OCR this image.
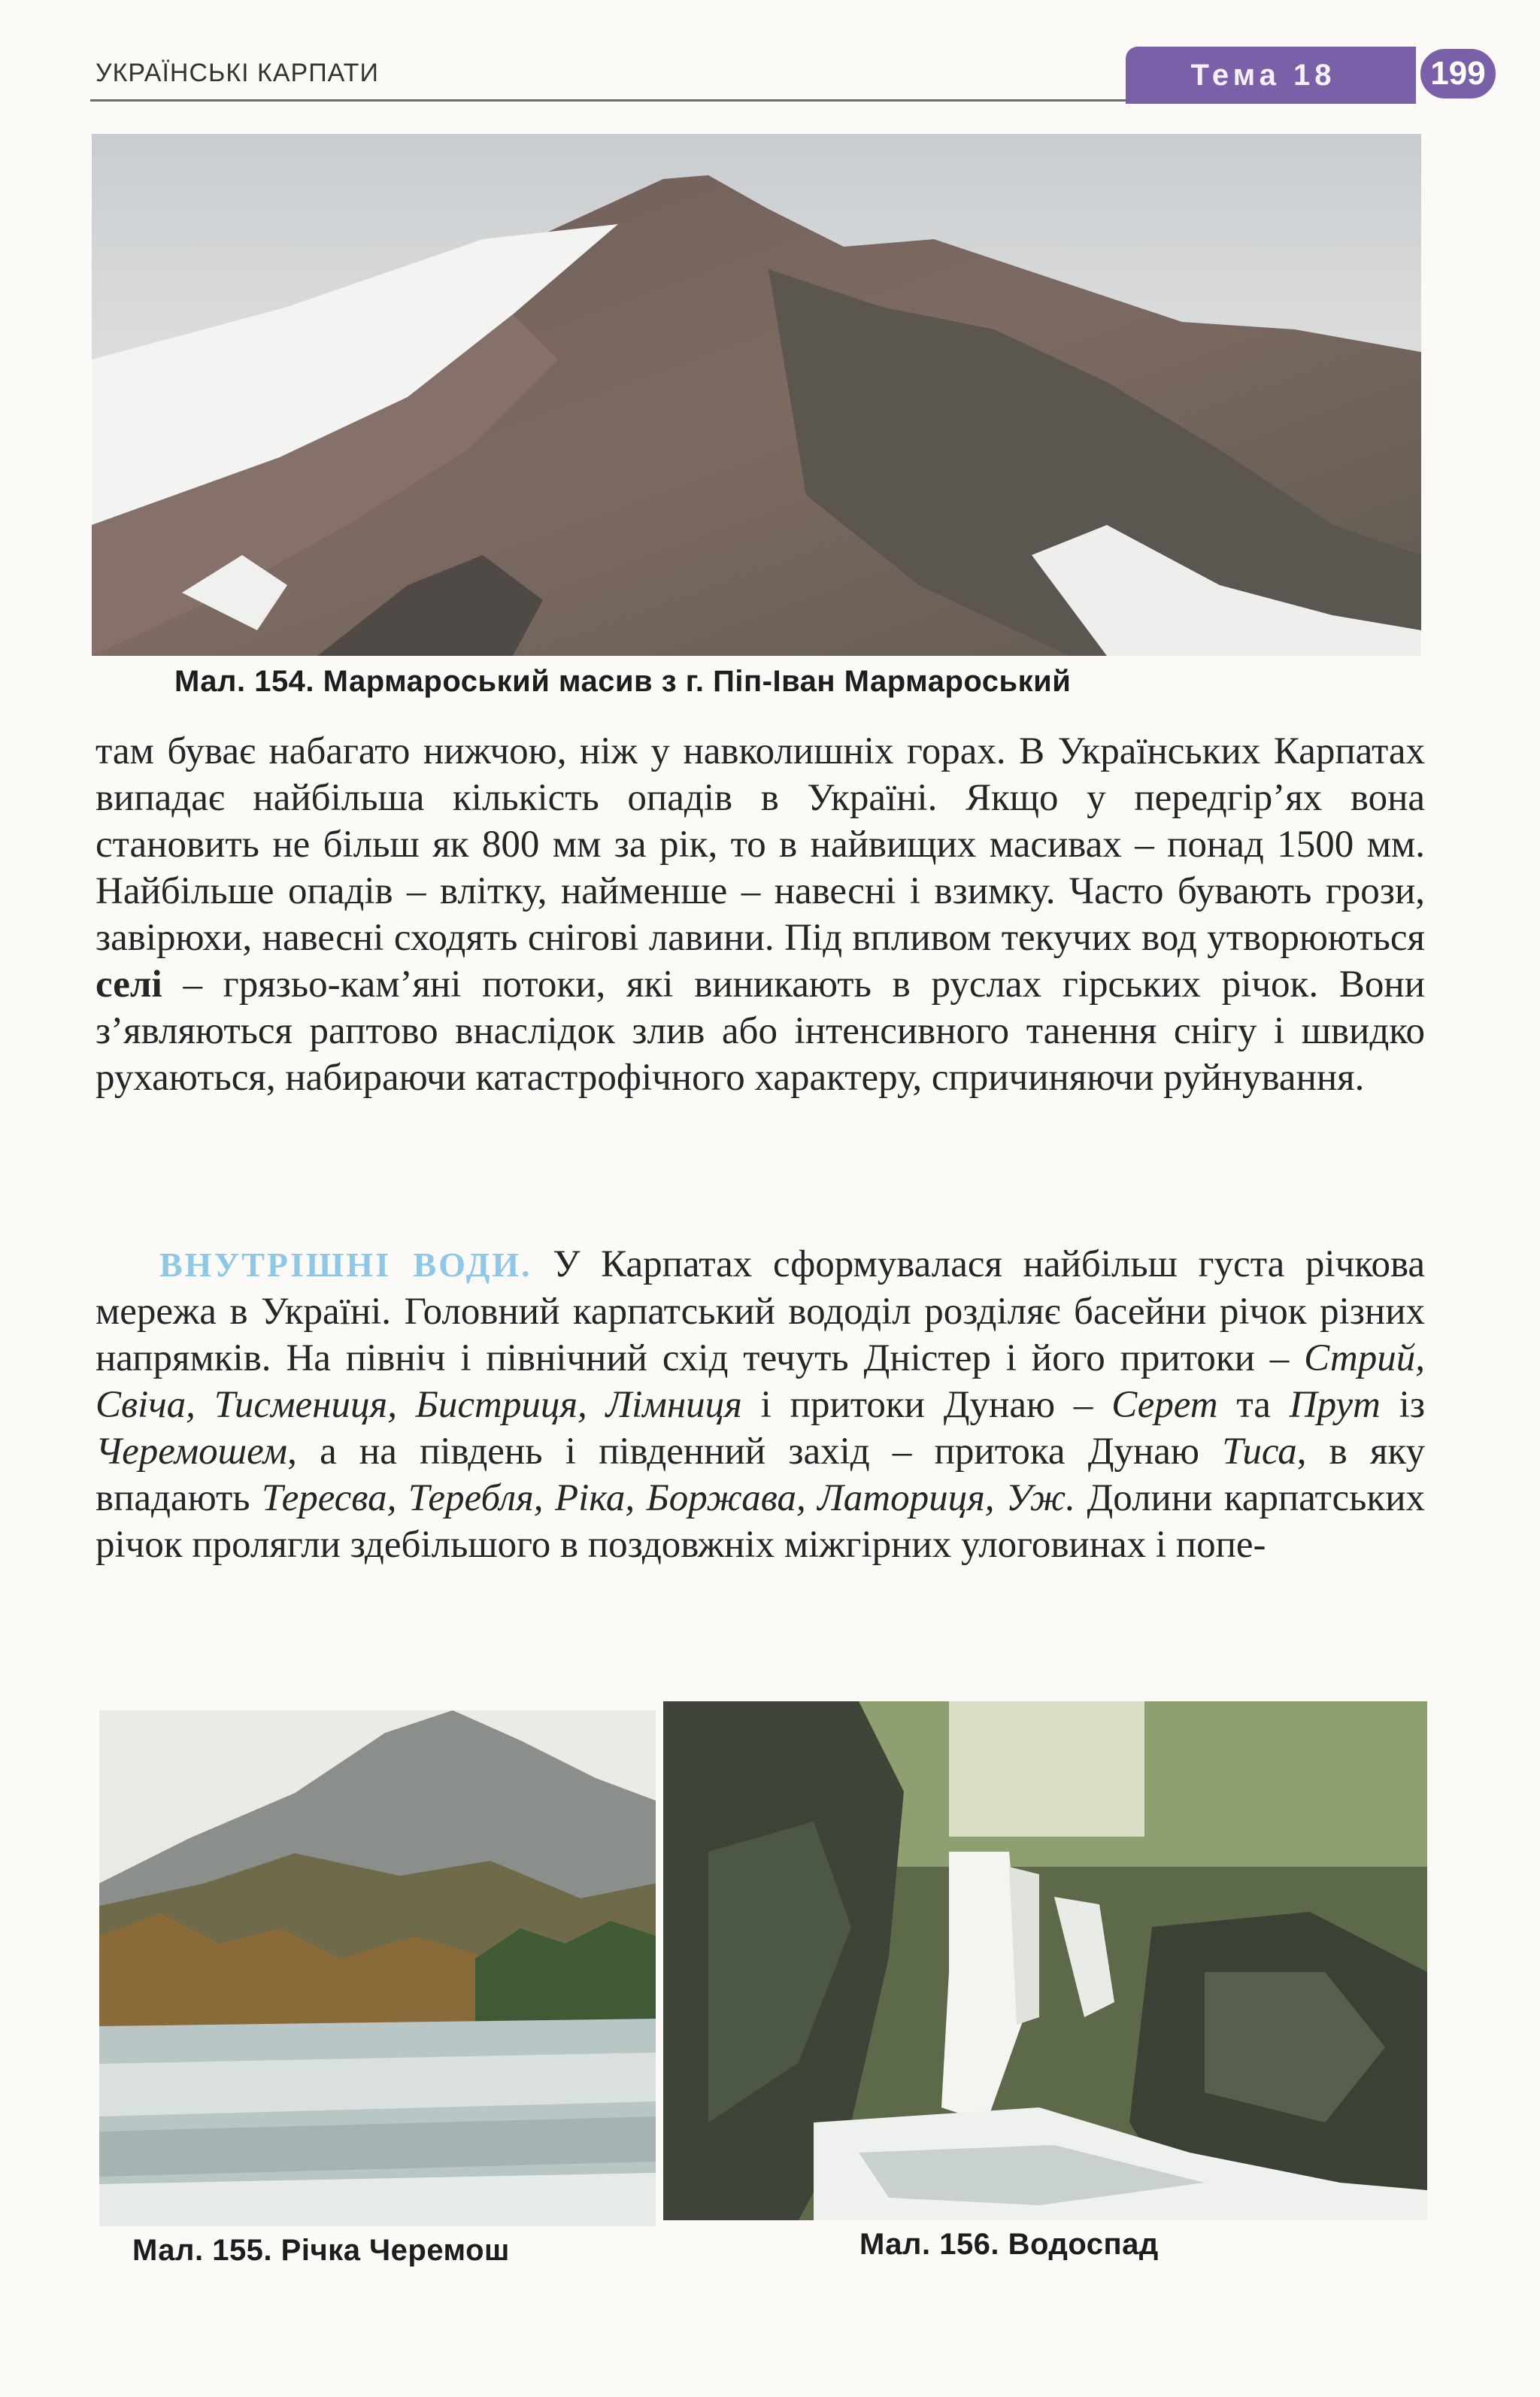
УКРАЇНСЬКІ КАРПАТИ	Тема 18	199
Мал. 154. Мармароський масив з г. Піп-Іван Мармароський

там буває набагато нижчою, ніж у навколишніх горах. В Українських Карпатах випадає найбільша кількість опадів в Україні. Якщо у передгір’ях вона становить не більш як 800 мм за рік, то в найвищих масивах – понад 1500 мм. Найбільше опадів – влітку, найменше – навесні і взимку. Часто бувають грози, завірюхи, навесні сходять снігові лавини. Під впливом текучих вод утворюються селі – грязьо-кам’яні потоки, які виникають в руслах гірських річок. Вони з’являються раптово внаслідок злив або інтенсивного танення снігу і швидко рухаються, набираючи катастрофічного характеру, спричиняючи руйнування.

ВНУТРІШНІ ВОДИ. У Карпатах сформувалася найбільш густа річкова мережа в Україні. Головний карпатський вододіл розділяє басейни річок різних напрямків. На північ і північний схід течуть Дністер і його притоки – Стрий, Свіча, Тисмениця, Бистриця, Лімниця і притоки Дунаю – Серет та Прут із Черемошем, а на південь і південний захід – притока Дунаю Тиса, в яку впадають Тересва, Теребля, Ріка, Боржава, Латориця, Уж. Долини карпатських річок пролягли здебільшого в поздовжніх міжгірних улоговинах і попе-

Мал. 155. Річка Черемош	Мал. 156. Водоспад
